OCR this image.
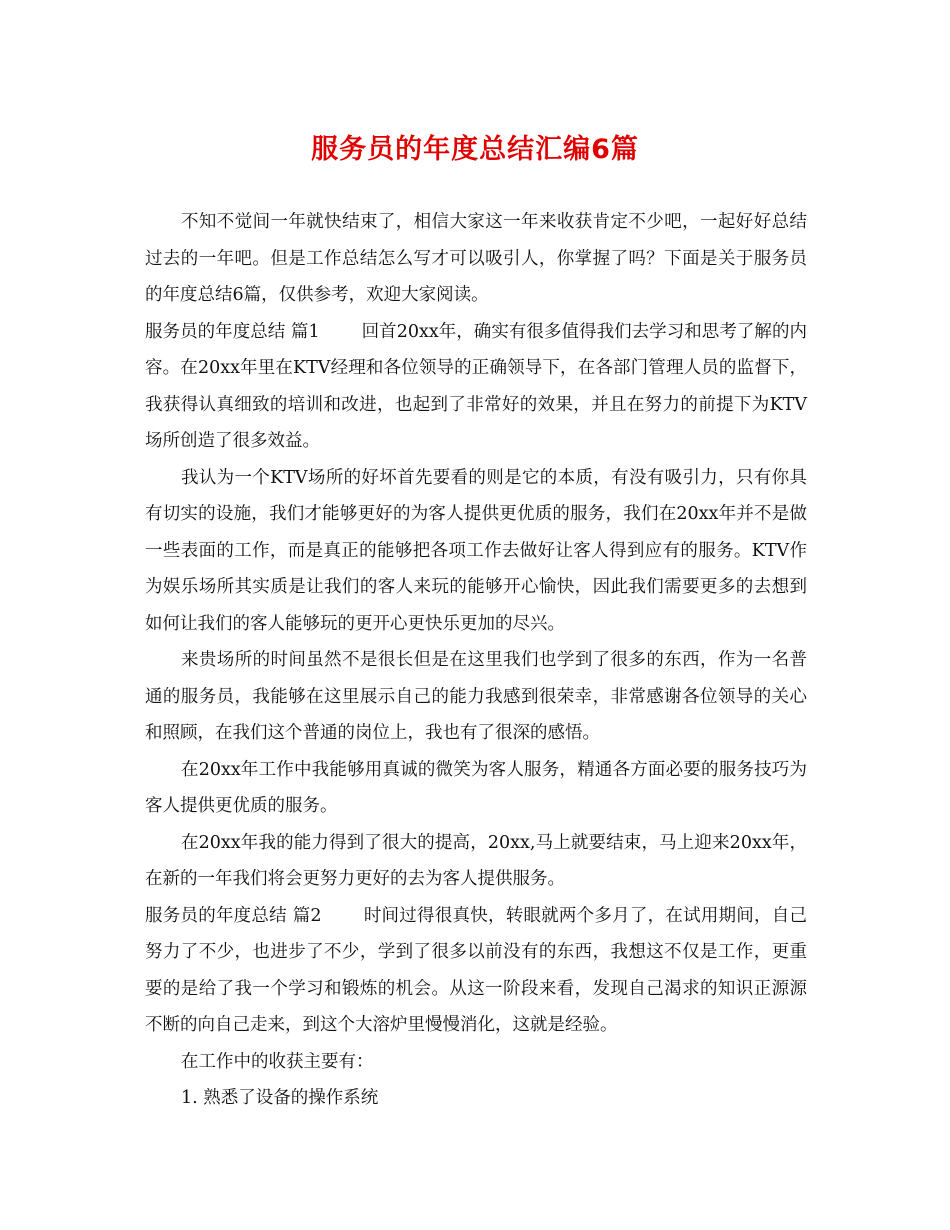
服务员的年度总结汇编6篇

不知不觉间一年就快结束了，相信大家这一年来收获肯定不少吧，一起好好总结过去的一年吧。但是工作总结怎么写才可以吸引人，你掌握了吗？下面是关于服务员的年度总结6篇，仅供参考，欢迎大家阅读。

服务员的年度总结 篇1 回首20xx年，确实有很多值得我们去学习和思考了解的内容。在20xx年里在KTV经理和各位领导的正确领导下，在各部门管理人员的监督下，我获得认真细致的培训和改进，也起到了非常好的效果，并且在努力的前提下为KTV场所创造了很多效益。

我认为一个KTV场所的好坏首先要看的则是它的本质，有没有吸引力，只有你具有切实的设施，我们才能够更好的为客人提供更优质的服务，我们在20xx年并不是做一些表面的工作，而是真正的能够把各项工作去做好让客人得到应有的服务。KTV作为娱乐场所其实质是让我们的客人来玩的能够开心愉快，因此我们需要更多的去想到如何让我们的客人能够玩的更开心更快乐更加的尽兴。

来贵场所的时间虽然不是很长但是在这里我们也学到了很多的东西，作为一名普通的服务员，我能够在这里展示自己的能力我感到很荣幸，非常感谢各位领导的关心和照顾，在我们这个普通的岗位上，我也有了很深的感悟。

在20xx年工作中我能够用真诚的微笑为客人服务，精通各方面必要的服务技巧为客人提供更优质的服务。

在20xx年我的能力得到了很大的提高，20xx,马上就要结束，马上迎来20xx年，在新的一年我们将会更努力更好的去为客人提供服务。

服务员的年度总结 篇2 时间过得很真快，转眼就两个多月了，在试用期间，自己努力了不少，也进步了不少，学到了很多以前没有的东西，我想这不仅是工作，更重要的是给了我一个学习和锻炼的机会。从这一阶段来看，发现自己渴求的知识正源源不断的向自己走来，到这个大溶炉里慢慢消化，这就是经验。

在工作中的收获主要有：

1. 熟悉了设备的操作系统
